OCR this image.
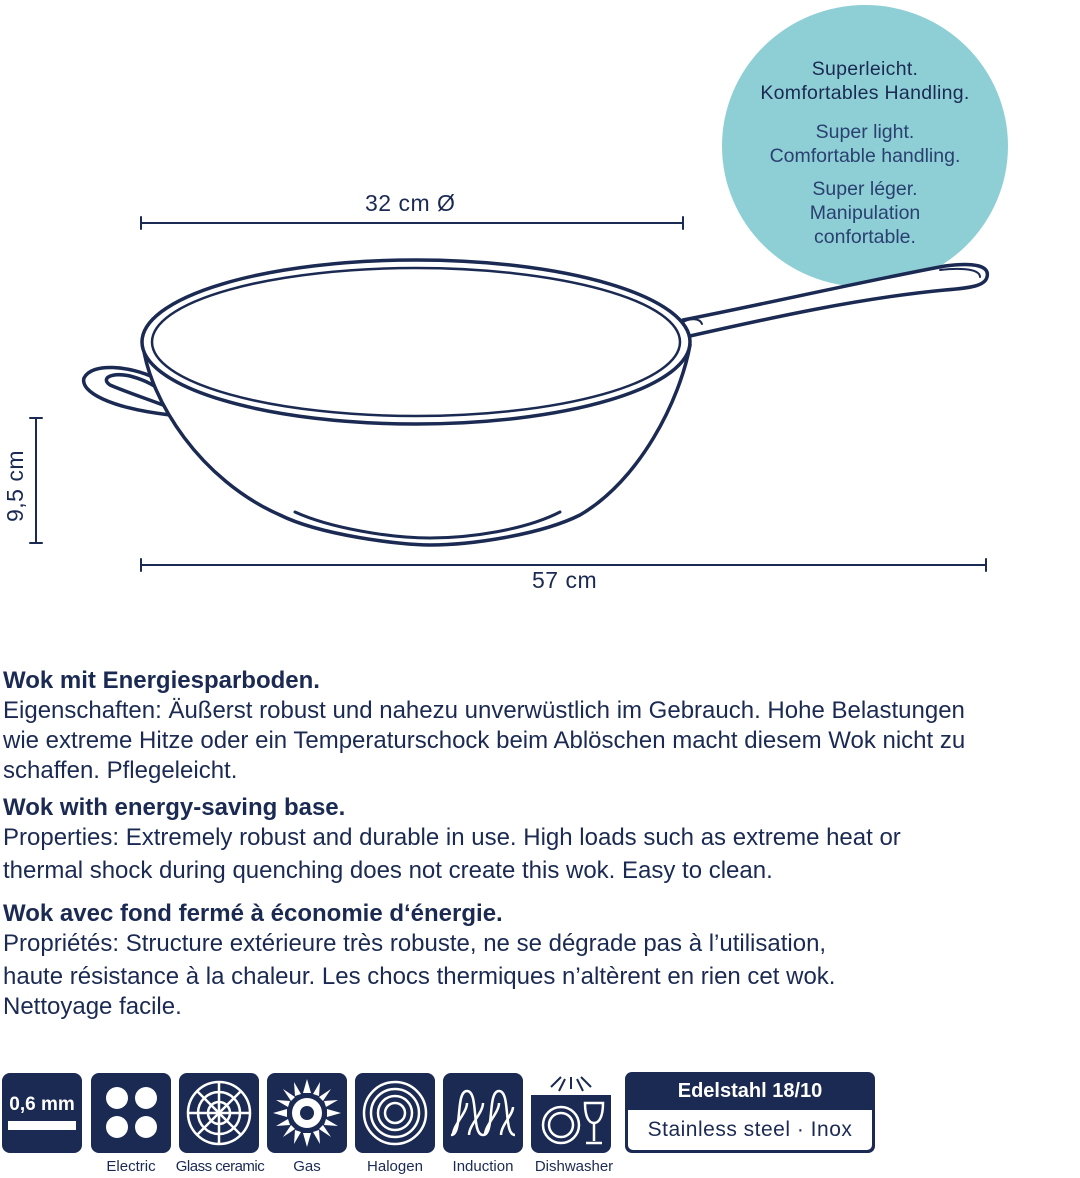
Superleicht.
Komfortables Handling.
Super light.
Comfortable handling.
Super léger.
Manipulation
confortable.
32 cm Ø
9,5 cm
57 cm
Wok mit Energiesparboden.

Eigenschaften: Äußerst robust und nahezu unverwüstlich im Gebrauch. Hohe Belastungen
wie extreme Hitze oder ein Temperaturschock beim Ablöschen macht diesem Wok nicht zu
schaffen. Pflegeleicht.

Wok with energy-saving base.

Properties: Extremely robust and durable in use. High loads such as extreme heat or
thermal shock during quenching does not create this wok. Easy to clean.

Wok avec fond fermé à économie d‘énergie.

Propriétés: Structure extérieure très robuste, ne se dégrade pas à l’utilisation,
haute résistance à la chaleur. Les chocs thermiques n’altèrent en rien cet wok.
Nettoyage facile.

0,6 mm
Electric	Glass ceramic	Gas	Halogen	Induction	Dishwasher
Edelstahl 18/10
Stainless steel · Inox
